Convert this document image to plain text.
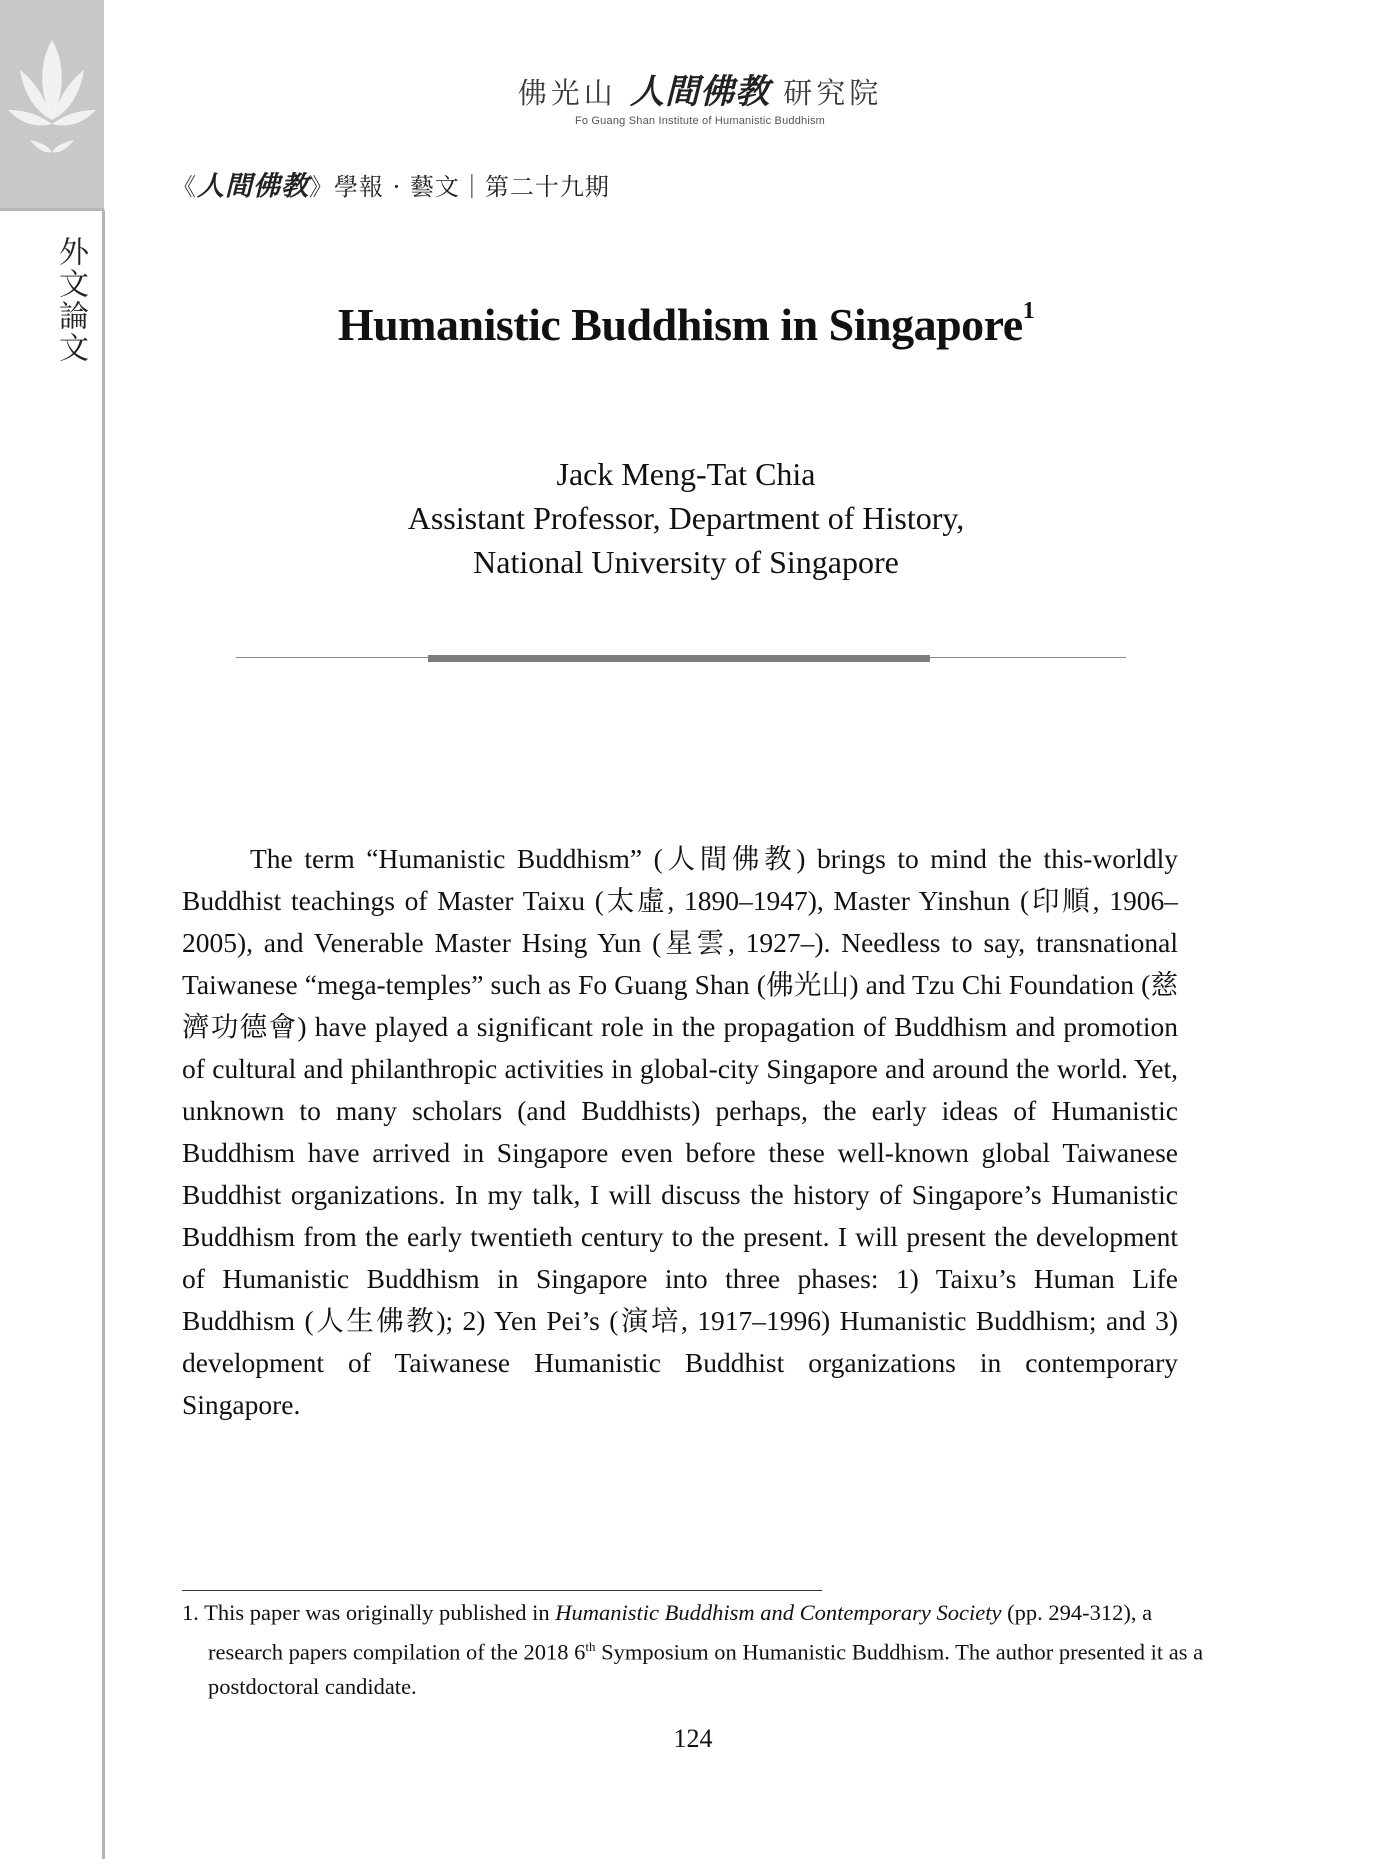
外文論文
佛光山 人間佛教 研究院
Fo Guang Shan Institute of Humanistic Buddhism
《人間佛教》學報 · 藝文｜第二十九期
Humanistic Buddhism in Singapore$^1$
Jack Meng-Tat Chia
Assistant Professor, Department of History,
National University of Singapore
The term “Humanistic Buddhism” (人間佛教) brings to mind the this-worldly Buddhist teachings of Master Taixu (太虛, 1890–1947), Master Yinshun (印順, 1906–2005), and Venerable Master Hsing Yun (星雲, 1927–). Needless to say, transnational Taiwanese “mega-temples” such as Fo Guang Shan (佛光山) and Tzu Chi Foundation (慈濟功德會) have played a significant role in the propagation of Buddhism and promotion of cultural and philanthropic activities in global-city Singapore and around the world. Yet, unknown to many scholars (and Buddhists) perhaps, the early ideas of Humanistic Buddhism have arrived in Singapore even before these well-known global Taiwanese Buddhist organizations. In my talk, I will discuss the history of Singapore’s Humanistic Buddhism from the early twentieth century to the present. I will present the development of Humanistic Buddhism in Singapore into three phases: 1) Taixu’s Human Life Buddhism (人生佛教); 2) Yen Pei’s (演培, 1917–1996) Humanistic Buddhism; and 3) development of Taiwanese Humanistic Buddhist organizations in contemporary Singapore.
1. This paper was originally published in Humanistic Buddhism and Contemporary Society (pp. 294-312), a research papers compilation of the 2018 6th Symposium on Humanistic Buddhism. The author presented it as a postdoctoral candidate.
124
